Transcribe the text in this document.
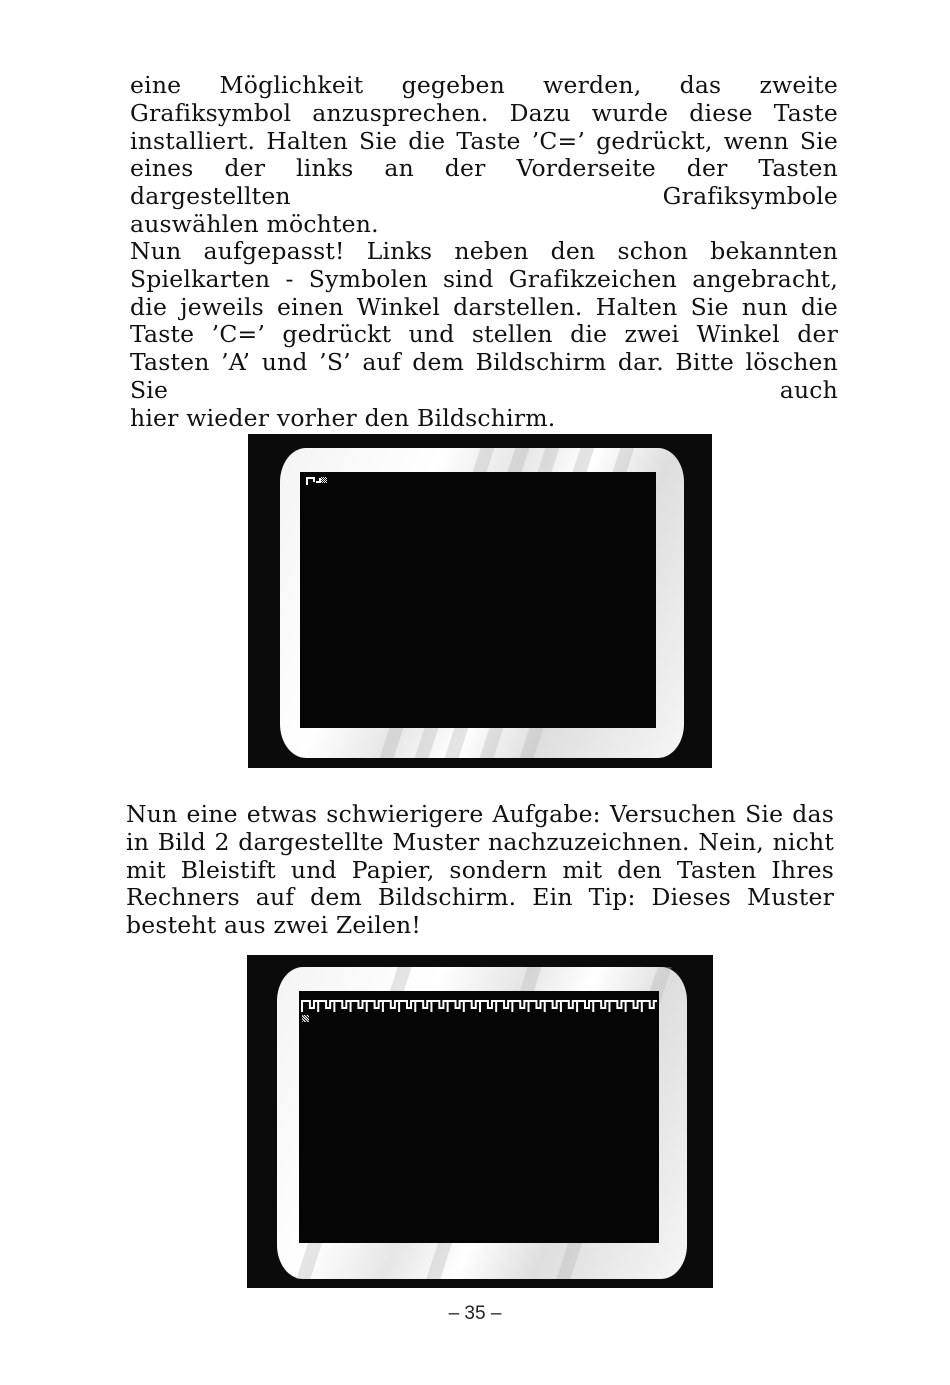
eine Möglichkeit gegeben werden, das zweite Grafiksymbol anzusprechen. Dazu wurde diese Taste installiert. Halten Sie die Taste ’C=’ gedrückt, wenn Sie eines der links an der Vorderseite der Tasten dargestellten Grafiksymbole
auswählen möchten.

Nun aufgepasst! Links neben den schon bekannten Spielkarten - Symbolen sind Grafikzeichen angebracht, die jeweils einen Winkel darstellen. Halten Sie nun die Taste ’C=’ gedrückt und stellen die zwei Winkel der Tasten ’A’ und ’S’ auf dem Bildschirm dar. Bitte löschen Sie auch
hier wieder vorher den Bildschirm.

Nun eine etwas schwierigere Aufgabe: Versuchen Sie das in Bild 2 dargestellte Muster nachzuzeichnen. Nein, nicht mit Bleistift und Papier, sondern mit den Tasten Ihres Rechners auf dem Bildschirm. Ein Tip: Dieses Muster
besteht aus zwei Zeilen!

– 35 –
